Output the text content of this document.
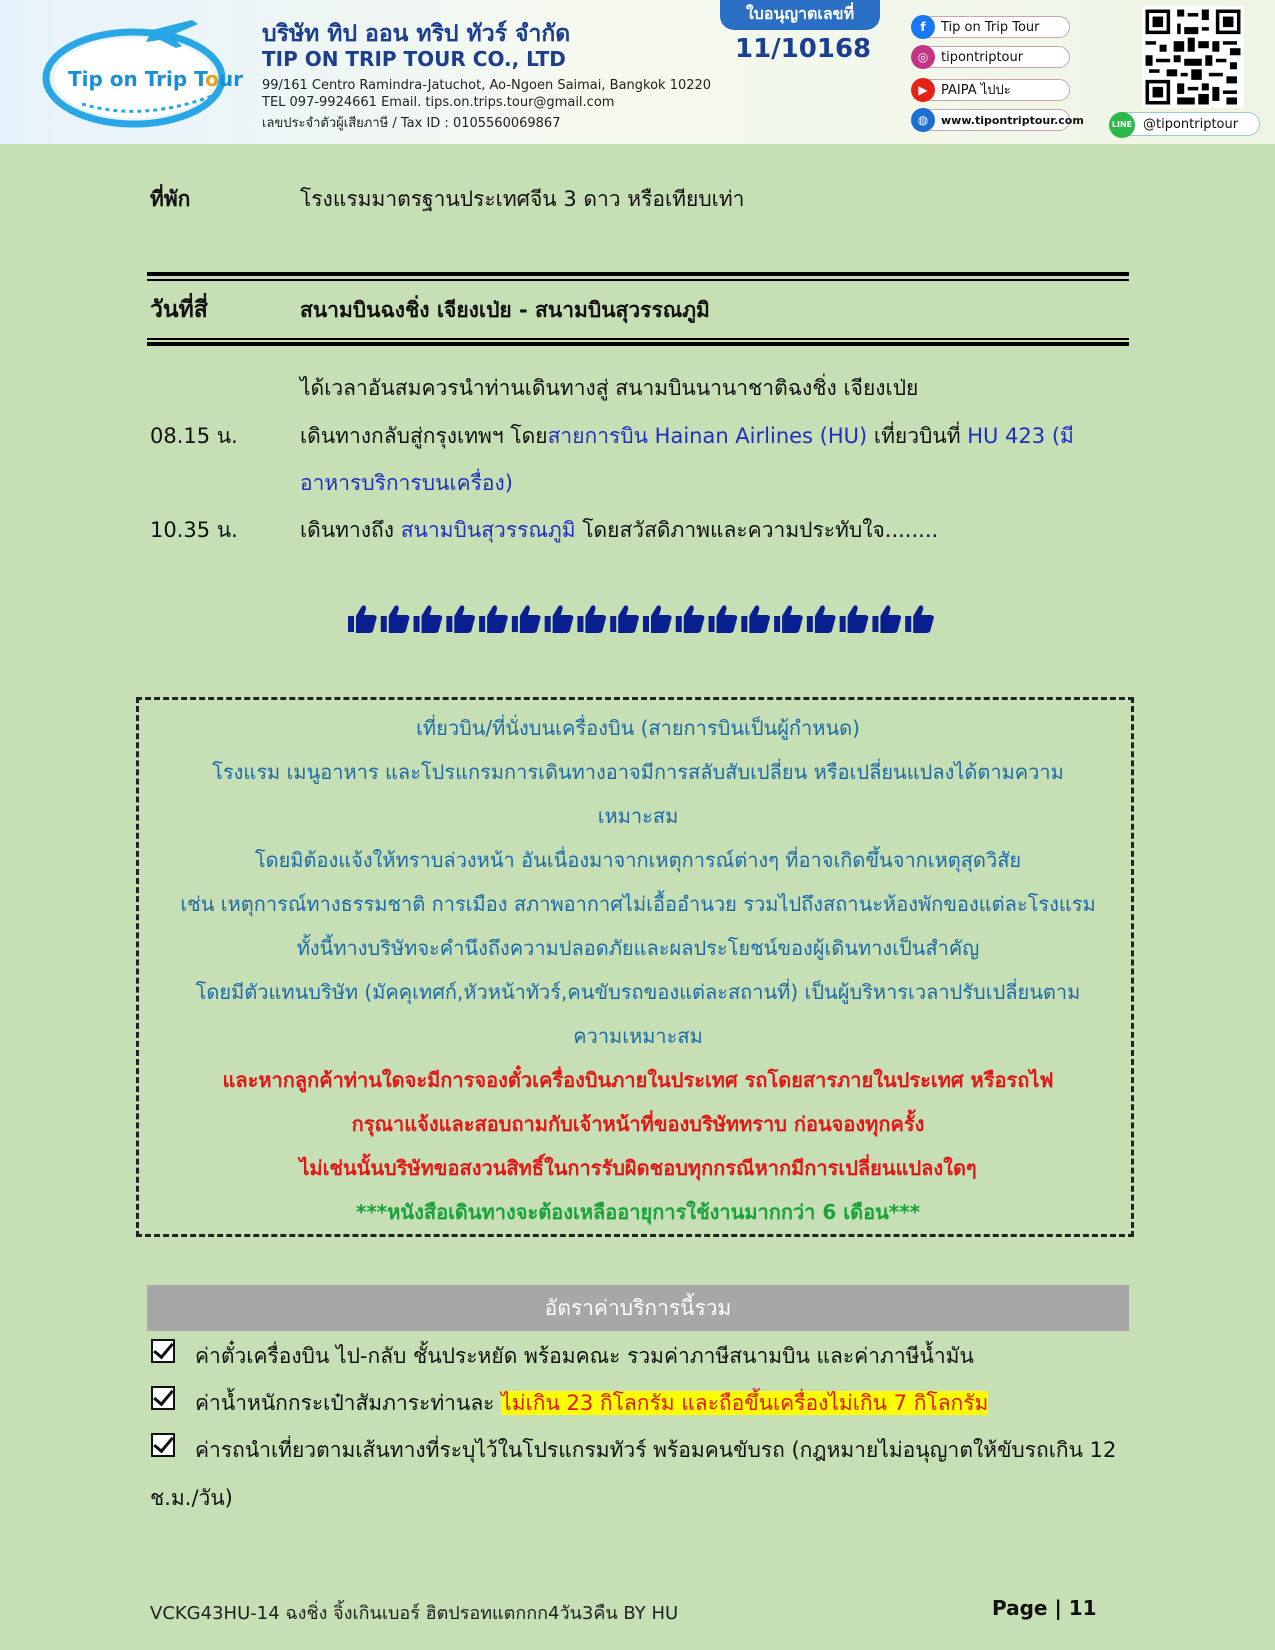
Tip on Trip Tour
บริษัท ทิป ออน ทริป ทัวร์ จำกัด
TIP ON TRIP TOUR CO., LTD
99/161 Centro Ramindra-Jatuchot, Ao-Ngoen Saimai, Bangkok 10220
TEL 097-9924661 Email. tips.on.trips.tour@gmail.com
เลขประจำตัวผู้เสียภาษี / Tax ID : 0105560069867
ใบอนุญาตเลขที่
11/10168
f	Tip on Trip Tour
◎ tipontriptour
▶	PAIPA ไปปะ
◍	www.tipontriptour.com	LINE @tipontriptour
ที่พัก	โรงแรมมาตรฐานประเทศจีน 3 ดาว หรือเทียบเท่า
วันที่สี่	สนามบินฉงชิ่ง เจียงเป่ย - สนามบินสุวรรณภูมิ
ได้เวลาอันสมควรนำท่านเดินทางสู่ สนามบินนานาชาติฉงชิ่ง เจียงเป่ย
08.15 น.	เดินทางกลับสู่กรุงเทพฯ โดยสายการบิน Hainan Airlines (HU) เที่ยวบินที่ HU 423 (มี
อาหารบริการบนเครื่อง)
10.35 น.	เดินทางถึง สนามบินสุวรรณภูมิ โดยสวัสดิภาพและความประทับใจ........
เที่ยวบิน/ที่นั่งบนเครื่องบิน (สายการบินเป็นผู้กำหนด)
โรงแรม เมนูอาหาร และโปรแกรมการเดินทางอาจมีการสลับสับเปลี่ยน หรือเปลี่ยนแปลงได้ตามความ
เหมาะสม
โดยมิต้องแจ้งให้ทราบล่วงหน้า อันเนื่องมาจากเหตุการณ์ต่างๆ ที่อาจเกิดขึ้นจากเหตุสุดวิสัย
เช่น เหตุการณ์ทางธรรมชาติ การเมือง สภาพอากาศไม่เอื้ออำนวย รวมไปถึงสถานะห้องพักของแต่ละโรงแรม
ทั้งนี้ทางบริษัทจะคำนึงถึงความปลอดภัยและผลประโยชน์ของผู้เดินทางเป็นสำคัญ
โดยมีตัวแทนบริษัท (มัคคุเทศก์,หัวหน้าทัวร์,คนขับรถของแต่ละสถานที่) เป็นผู้บริหารเวลาปรับเปลี่ยนตาม
ความเหมาะสม
และหากลูกค้าท่านใดจะมีการจองตั๋วเครื่องบินภายในประเทศ รถโดยสารภายในประเทศ หรือรถไฟ
กรุณาแจ้งและสอบถามกับเจ้าหน้าที่ของบริษัททราบ ก่อนจองทุกครั้ง
ไม่เช่นนั้นบริษัทขอสงวนสิทธิ์ในการรับผิดชอบทุกกรณีหากมีการเปลี่ยนแปลงใดๆ
***หนังสือเดินทางจะต้องเหลืออายุการใช้งานมากกว่า 6 เดือน***
อัตราค่าบริการนี้รวม
ค่าตั๋วเครื่องบิน ไป-กลับ ชั้นประหยัด พร้อมคณะ รวมค่าภาษีสนามบิน และค่าภาษีน้ำมัน
ค่าน้ำหนักกระเป๋าสัมภาระท่านละ ไม่เกิน 23 กิโลกรัม และถือขึ้นเครื่องไม่เกิน 7 กิโลกรัม
ค่ารถนำเที่ยวตามเส้นทางที่ระบุไว้ในโปรแกรมทัวร์ พร้อมคนขับรถ (กฎหมายไม่อนุญาตให้ขับรถเกิน 12
ช.ม./วัน)
VCKG43HU-14 ฉงชิ่ง จิ้งเกินเบอร์ ฮิตปรอทแตกกก4วัน3คืน BY HU	Page | 11
